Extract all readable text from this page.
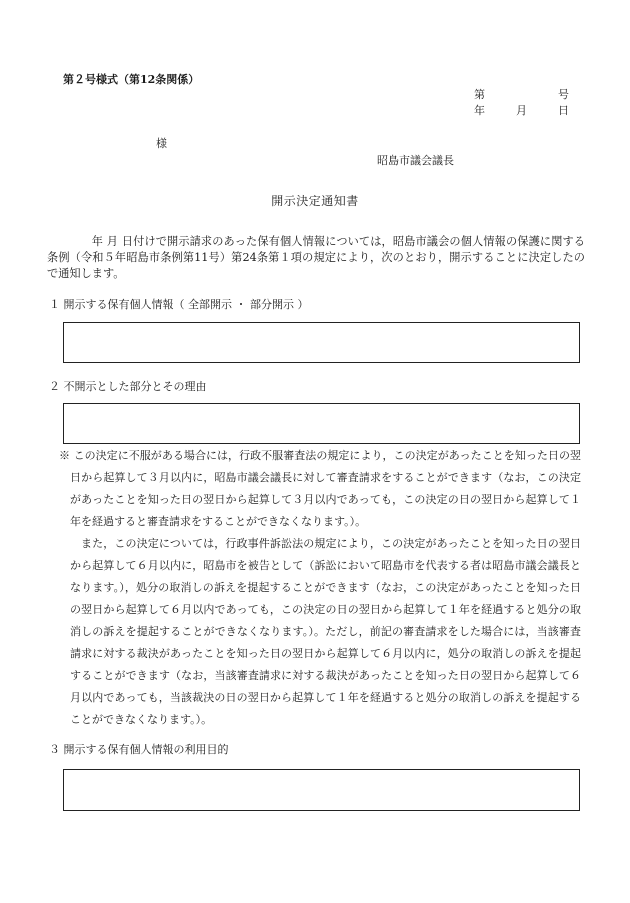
第２号様式（第12条関係）
第	号
年	月	日
様
昭島市議会議長
開示決定通知書
年 月 日付けで開示請求のあった保有個人情報については，昭島市議会の個人情報の保護に関する条例（令和５年昭島市条例第11号）第24条第１項の規定により，次のとおり，開示することに決定したので通知します。
１ 開示する保有個人情報（ 全部開示 ・ 部分開示 ）
２ 不開示とした部分とその理由

※ この決定に不服がある場合には，行政不服審査法の規定により，この決定があったことを知った日の翌日から起算して３月以内に，昭島市議会議長に対して審査請求をすることができます（なお，この決定があったことを知った日の翌日から起算して３月以内であっても，この決定の日の翌日から起算して１年を経過すると審査請求をすることができなくなります。）。

また，この決定については，行政事件訴訟法の規定により，この決定があったことを知った日の翌日から起算して６月以内に，昭島市を被告として（訴訟において昭島市を代表する者は昭島市議会議長となります。），処分の取消しの訴えを提起することができます（なお，この決定があったことを知った日の翌日から起算して６月以内であっても，この決定の日の翌日から起算して１年を経過すると処分の取消しの訴えを提起することができなくなります。）。ただし，前記の審査請求をした場合には，当該審査請求に対する裁決があったことを知った日の翌日から起算して６月以内に，処分の取消しの訴えを提起することができます（なお，当該審査請求に対する裁決があったことを知った日の翌日から起算して６月以内であっても，当該裁決の日の翌日から起算して１年を経過すると処分の取消しの訴えを提起することができなくなります。）。

３ 開示する保有個人情報の利用目的
